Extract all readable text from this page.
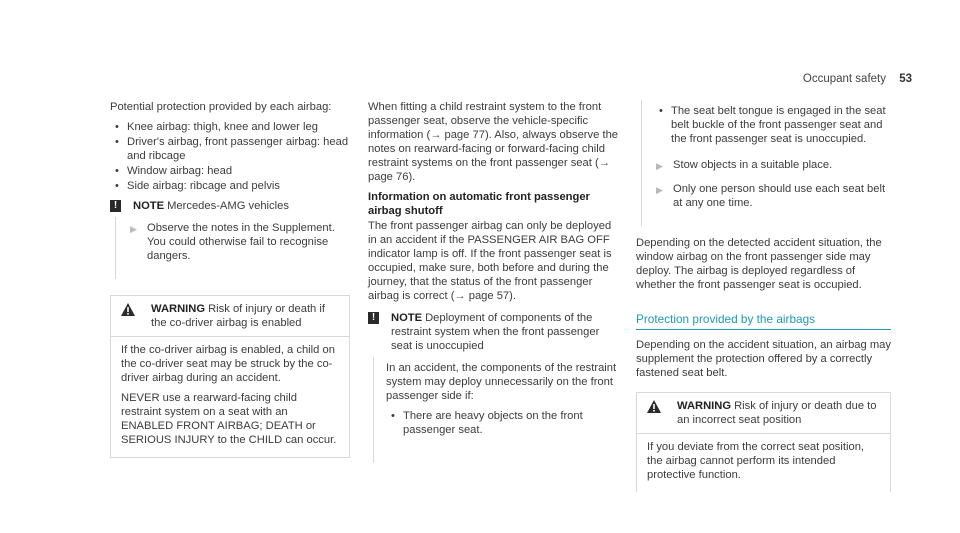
Occupant safety 53

Potential protection provided by each airbag:

• Knee airbag: thigh, knee and lower leg
• Driver's airbag, front passenger airbag: head and ribcage
• Window airbag: head
• Side airbag: ribcage and pelvis
!	NOTE Mercedes-AMG vehicles
▶ Observe the notes in the Supplement. You could otherwise fail to recognise dangers.
WARNING Risk of injury or death if the co-driver airbag is enabled

If the co-driver airbag is enabled, a child on the co-driver seat may be struck by the co-driver airbag during an accident.

NEVER use a rearward-facing child restraint system on a seat with an ENABLED FRONT AIRBAG; DEATH or SERIOUS INJURY to the CHILD can occur.

When fitting a child restraint system to the front passenger seat, observe the vehicle-specific information (→ page 77). Also, always observe the notes on rearward-facing or forward-facing child restraint systems on the front passenger seat (→ page 76).

Information on automatic front passenger airbag shutoff

The front passenger airbag can only be deployed in an accident if the PASSENGER AIR BAG OFF indicator lamp is off. If the front passenger seat is occupied, make sure, both before and during the journey, that the status of the front passenger airbag is correct (→ page 57).

!	NOTE Deployment of components of the restraint system when the front passenger seat is unoccupied

In an accident, the components of the restraint system may deploy unnecessarily on the front passenger side if:

• There are heavy objects on the front passenger seat.
• The seat belt tongue is engaged in the seat belt buckle of the front passenger seat and the front passenger seat is unoccupied.
▶ Stow objects in a suitable place.
▶ Only one person should use each seat belt at any one time.

Depending on the detected accident situation, the window airbag on the front passenger side may deploy. The airbag is deployed regardless of whether the front passenger seat is occupied.

Protection provided by the airbags

Depending on the accident situation, an airbag may supplement the protection offered by a correctly fastened seat belt.

WARNING Risk of injury or death due to an incorrect seat position

If you deviate from the correct seat position, the airbag cannot perform its intended protective function.
